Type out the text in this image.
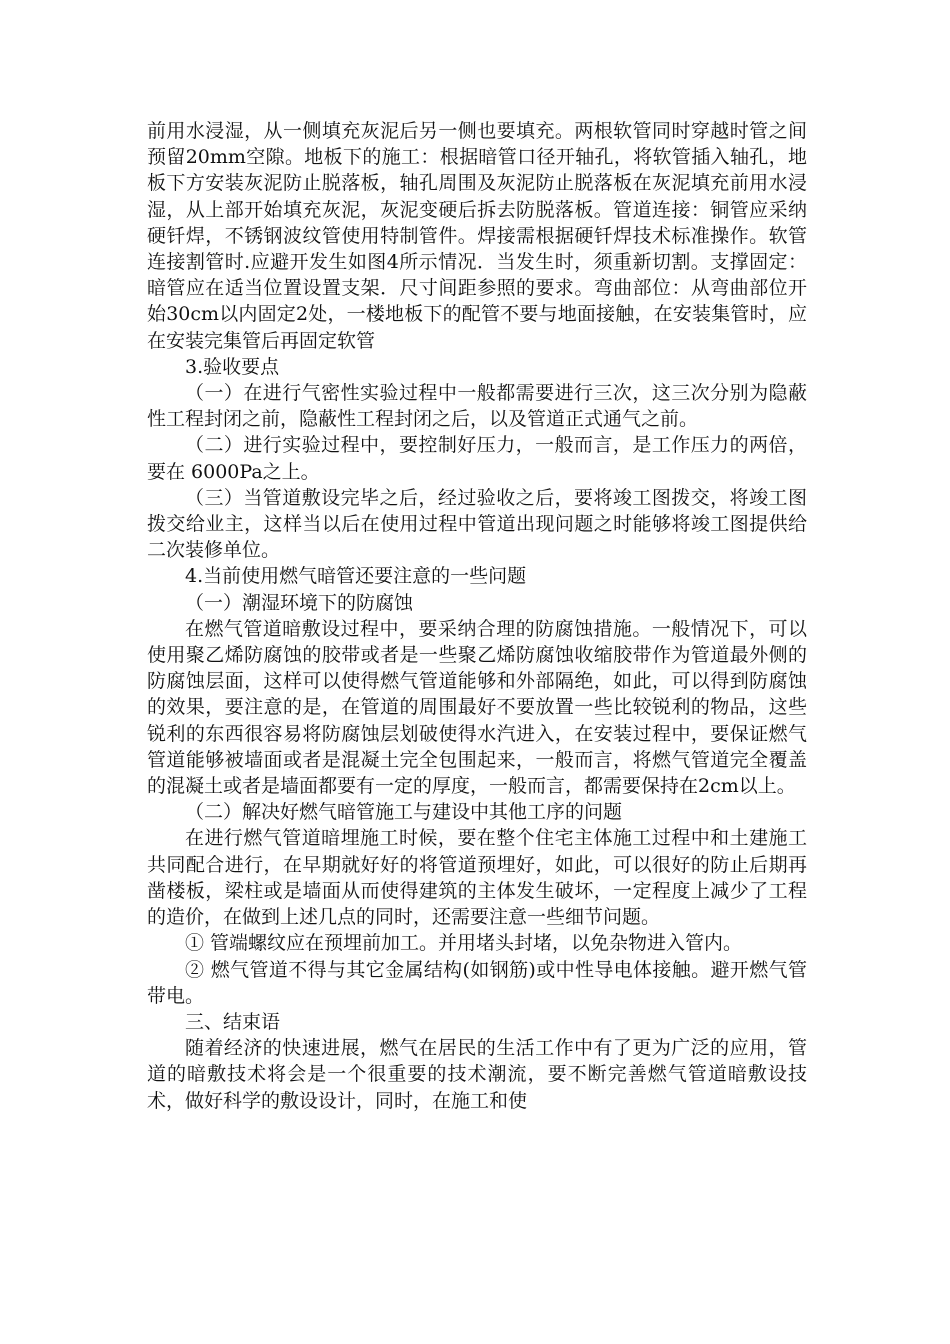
前用水浸湿，从一侧填充灰泥后另一侧也要填充。两根软管同时穿越时管之间预留20mm空隙。地板下的施工：根据暗管口径开轴孔，将软管插入轴孔，地板下方安装灰泥防止脱落板，轴孔周围及灰泥防止脱落板在灰泥填充前用水浸湿，从上部开始填充灰泥，灰泥变硬后拆去防脱落板。管道连接：铜管应采纳硬钎焊，不锈钢波纹管使用特制管件。焊接需根据硬钎焊技术标准操作。软管连接割管时.应避开发生如图4所示情况．当发生时，须重新切割。支撑固定：暗管应在适当位置设置支架．尺寸间距参照的要求。弯曲部位：从弯曲部位开始30cm以内固定2处，一楼地板下的配管不要与地面接触，在安装集管时，应在安装完集管后再固定软管

3.验收要点

（一）在进行气密性实验过程中一般都需要进行三次，这三次分别为隐蔽性工程封闭之前，隐蔽性工程封闭之后，以及管道正式通气之前。

（二）进行实验过程中，要控制好压力，一般而言，是工作压力的两倍，要在 6000Pa之上。

（三）当管道敷设完毕之后，经过验收之后，要将竣工图拨交，将竣工图拨交给业主，这样当以后在使用过程中管道出现问题之时能够将竣工图提供给二次装修单位。

4.当前使用燃气暗管还要注意的一些问题

（一）潮湿环境下的防腐蚀

在燃气管道暗敷设过程中，要采纳合理的防腐蚀措施。一般情况下，可以使用聚乙烯防腐蚀的胶带或者是一些聚乙烯防腐蚀收缩胶带作为管道最外侧的防腐蚀层面，这样可以使得燃气管道能够和外部隔绝，如此，可以得到防腐蚀的效果，要注意的是，在管道的周围最好不要放置一些比较锐利的物品，这些锐利的东西很容易将防腐蚀层划破使得水汽进入，在安装过程中，要保证燃气管道能够被墙面或者是混凝土完全包围起来，一般而言，将燃气管道完全覆盖的混凝土或者是墙面都要有一定的厚度，一般而言，都需要保持在2cm以上。

（二）解决好燃气暗管施工与建设中其他工序的问题

在进行燃气管道暗埋施工时候，要在整个住宅主体施工过程中和土建施工共同配合进行，在早期就好好的将管道预埋好，如此，可以很好的防止后期再凿楼板，梁柱或是墙面从而使得建筑的主体发生破坏，一定程度上减少了工程的造价，在做到上述几点的同时，还需要注意一些细节问题。

① 管端螺纹应在预埋前加工。并用堵头封堵，以免杂物进入管内。

② 燃气管道不得与其它金属结构(如钢筋)或中性导电体接触。避开燃气管带电。

三、结束语

随着经济的快速进展，燃气在居民的生活工作中有了更为广泛的应用，管道的暗敷技术将会是一个很重要的技术潮流，要不断完善燃气管道暗敷设技术，做好科学的敷设设计，同时，在施工和使
